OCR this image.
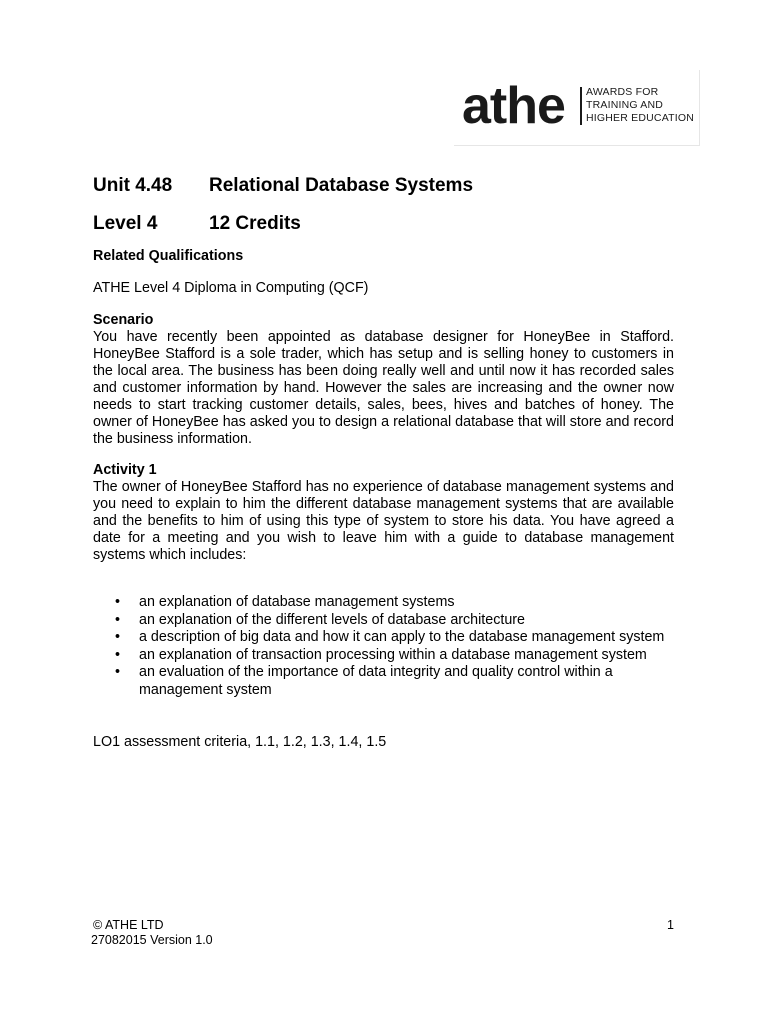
athe AWARDS FOR
TRAINING AND
HIGHER EDUCATION
Unit 4.48 Relational Database Systems
Level 4	12 Credits
Related Qualifications
ATHE Level 4 Diploma in Computing (QCF)
Scenario
You have recently been appointed as database designer for HoneyBee in Stafford. HoneyBee Stafford is a sole trader, which has setup and is selling honey to customers in the local area. The business has been doing really well and until now it has recorded sales and customer information by hand. However the sales are increasing and the owner now needs to start tracking customer details, sales, bees, hives and batches of honey. The owner of HoneyBee has asked you to design a relational database that will store and record the business information.
Activity 1
The owner of HoneyBee Stafford has no experience of database management systems and you need to explain to him the different database management systems that are available and the benefits to him of using this type of system to store his data. You have agreed a date for a meeting and you wish to leave him with a guide to database management systems which includes:
• an explanation of database management systems
• an explanation of the different levels of database architecture
• a description of big data and how it can apply to the database management system
• an explanation of transaction processing within a database management system
• an evaluation of the importance of data integrity and quality control within a management system
LO1 assessment criteria, 1.1, 1.2, 1.3, 1.4, 1.5
© ATHE LTD
27082015 Version 1.0
1
